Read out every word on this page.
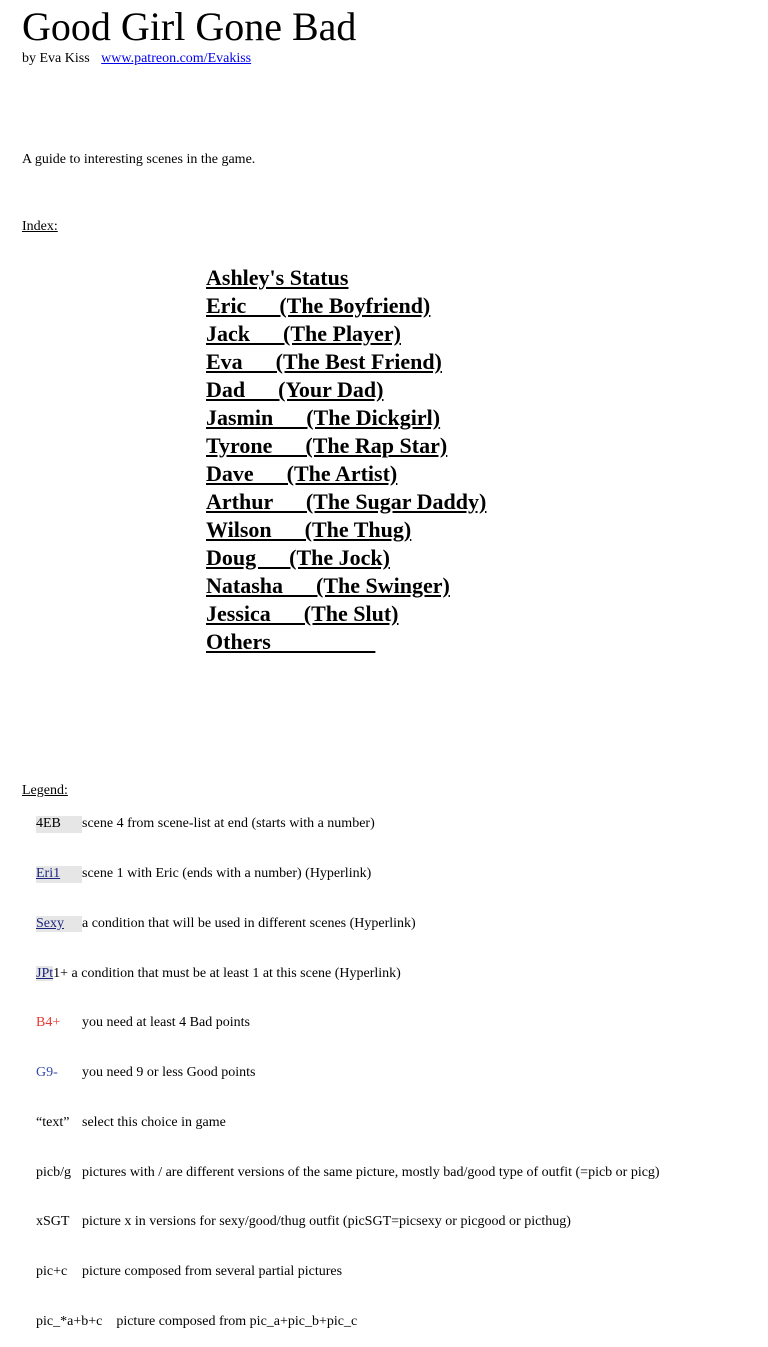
Good Girl Gone Bad
by Eva Kiss www.patreon.com/Evakiss
A guide to interesting scenes in the game.
Index:
Ashley's Status
Eric      (The Boyfriend)
Jack      (The Player)
Eva      (The Best Friend)
Dad      (Your Dad)
Jasmin      (The Dickgirl)
Tyrone      (The Rap Star)
Dave      (The Artist)
Arthur      (The Sugar Daddy)
Wilson      (The Thug)
Doug      (The Jock)
Natasha      (The Swinger)
Jessica      (The Slut)
Others
Legend:

4EB scene 4 from scene-list at end (starts with a number)

Eri1 scene 1 with Eric (ends with a number) (Hyperlink)

Sexy a condition that will be used in different scenes (Hyperlink)

JPt1+ a condition that must be at least 1 at this scene (Hyperlink)

B4+ you need at least 4 Bad points

G9- you need 9 or less Good points

“text” select this choice in game

picb/g pictures with / are different versions of the same picture, mostly bad/good type of outfit (=picb or picg)

xSGT picture x in versions for sexy/good/thug outfit (picSGT=picsexy or picgood or picthug)

pic+c picture composed from several partial pictures

pic_*a+b+c    picture composed from pic_a+pic_b+pic_c
